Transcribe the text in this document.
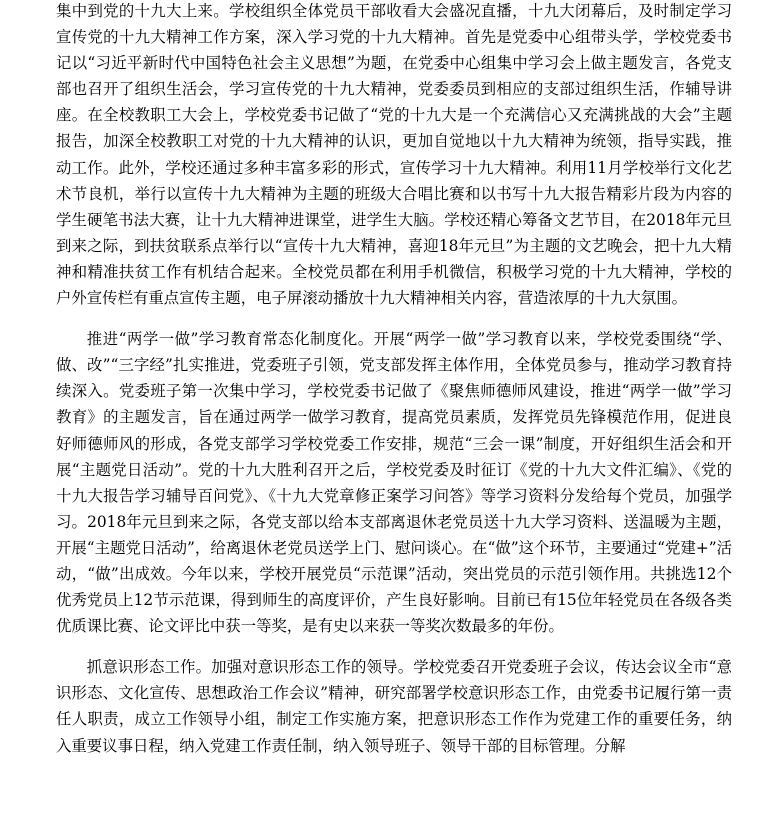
集中到党的十九大上来。学校组织全体党员干部收看大会盛况直播，十九大闭幕后，及时制定学习宣传党的十九大精神工作方案，深入学习党的十九大精神。首先是党委中心组带头学，学校党委书记以“习近平新时代中国特色社会主义思想”为题，在党委中心组集中学习会上做主题发言，各党支部也召开了组织生活会，学习宣传党的十九大精神，党委委员到相应的支部过组织生活，作辅导讲座。在全校教职工大会上，学校党委书记做了“党的十九大是一个充满信心又充满挑战的大会”主题报告，加深全校教职工对党的十九大精神的认识，更加自觉地以十九大精神为统领，指导实践，推动工作。此外，学校还通过多种丰富多彩的形式，宣传学习十九大精神。利用11月学校举行文化艺术节良机，举行以宣传十九大精神为主题的班级大合唱比赛和以书写十九大报告精彩片段为内容的学生硬笔书法大赛，让十九大精神进课堂，进学生大脑。学校还精心筹备文艺节目，在2018年元旦到来之际，到扶贫联系点举行以“宣传十九大精神，喜迎18年元旦”为主题的文艺晚会，把十九大精神和精准扶贫工作有机结合起来。全校党员都在利用手机微信，积极学习党的十九大精神，学校的户外宣传栏有重点宣传主题，电子屏滚动播放十九大精神相关内容，营造浓厚的十九大氛围。

推进“两学一做”学习教育常态化制度化。开展“两学一做”学习教育以来，学校党委围绕“学、做、改”“三字经”扎实推进，党委班子引领，党支部发挥主体作用，全体党员参与，推动学习教育持续深入。党委班子第一次集中学习，学校党委书记做了《聚焦师德师风建设，推进“两学一做”学习教育》的主题发言，旨在通过两学一做学习教育，提高党员素质，发挥党员先锋模范作用，促进良好师德师风的形成，各党支部学习学校党委工作安排，规范“三会一课”制度，开好组织生活会和开展“主题党日活动”。党的十九大胜利召开之后，学校党委及时征订《党的十九大文件汇编》、《党的十九大报告学习辅导百问党》、《十九大党章修正案学习问答》等学习资料分发给每个党员，加强学习。2018年元旦到来之际，各党支部以给本支部离退休老党员送十九大学习资料、送温暖为主题，开展“主题党日活动”，给离退休老党员送学上门、慰问谈心。在“做”这个环节，主要通过“党建+”活动，“做”出成效。今年以来，学校开展党员“示范课”活动，突出党员的示范引领作用。共挑选12个优秀党员上12节示范课，得到师生的高度评价，产生良好影响。目前已有15位年轻党员在各级各类优质课比赛、论文评比中获一等奖，是有史以来获一等奖次数最多的年份。

抓意识形态工作。加强对意识形态工作的领导。学校党委召开党委班子会议，传达会议全市“意识形态、文化宣传、思想政治工作会议”精神，研究部署学校意识形态工作，由党委书记履行第一责任人职责，成立工作领导小组，制定工作实施方案，把意识形态工作作为党建工作的重要任务，纳入重要议事日程，纳入党建工作责任制，纳入领导班子、领导干部的目标管理。分解
